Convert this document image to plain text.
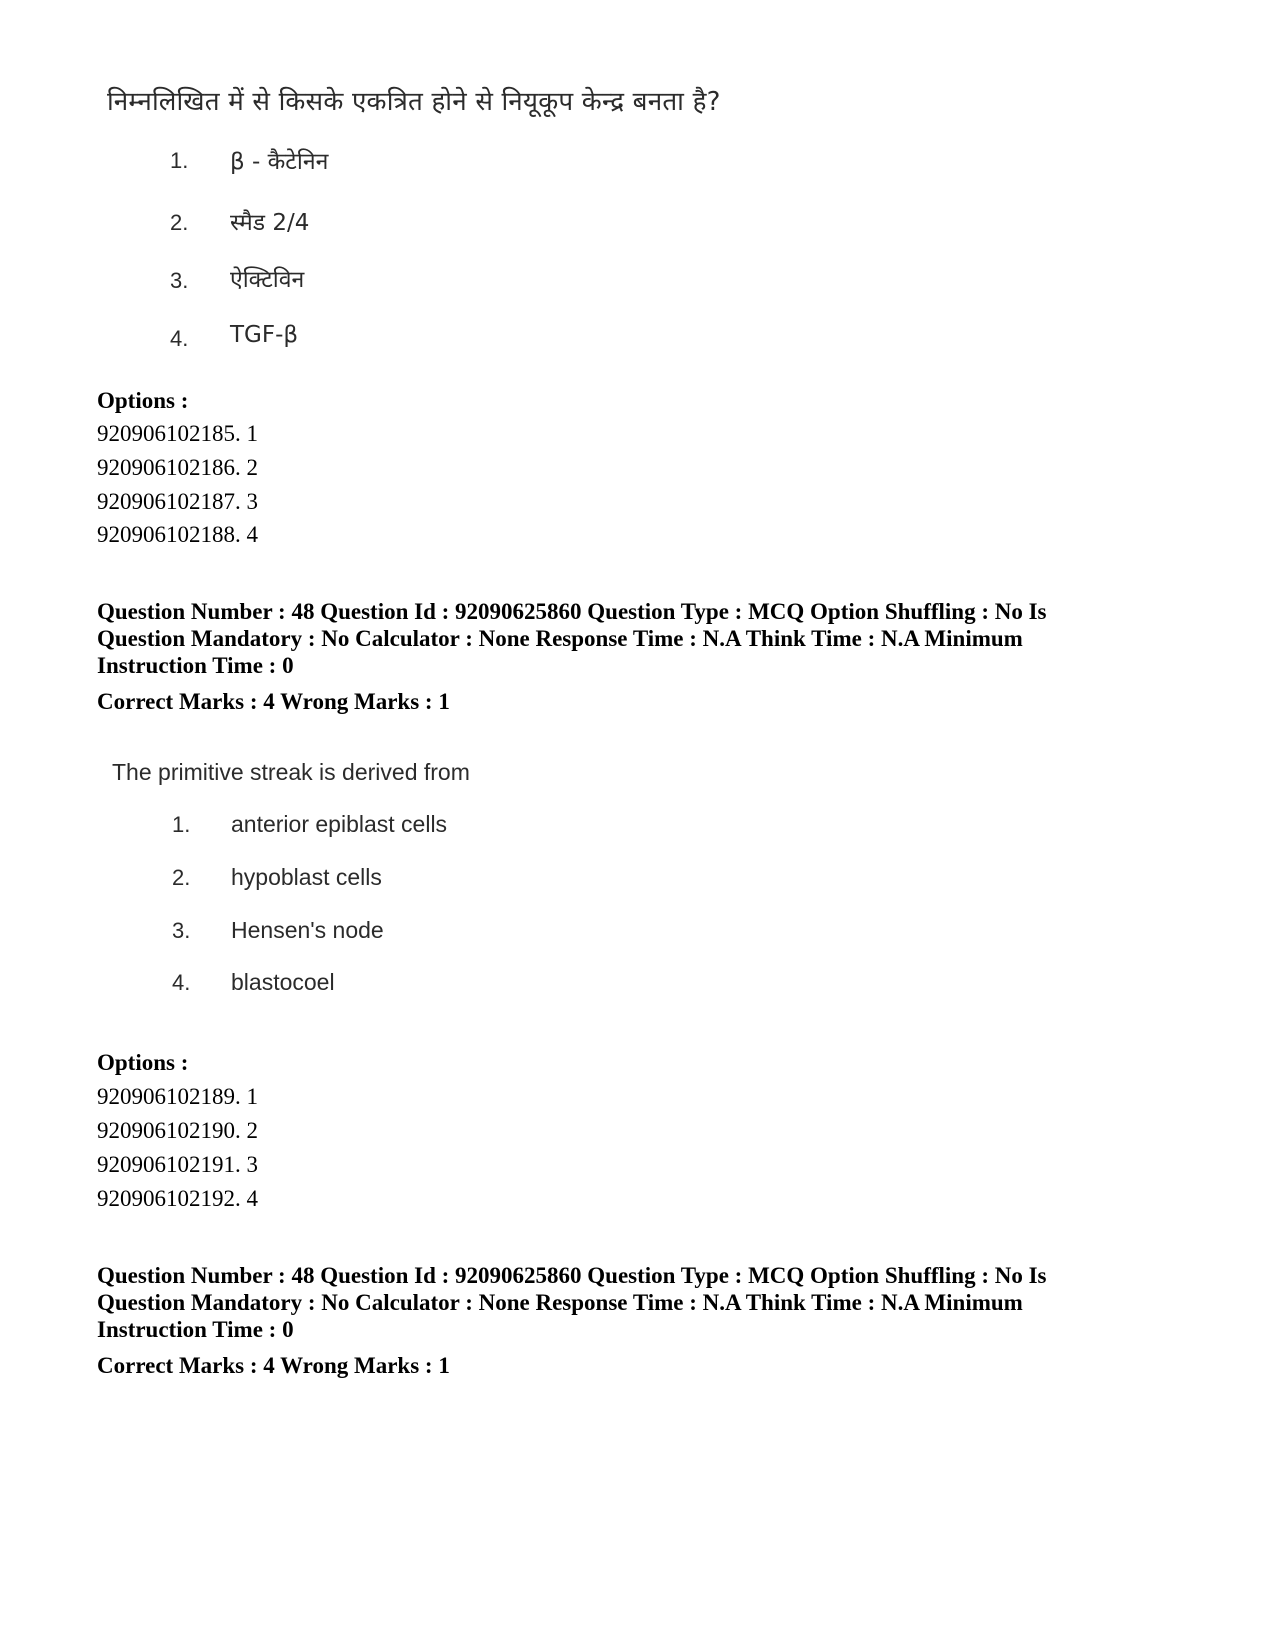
निम्नलिखित में से किसके एकत्रित होने से नियूकूप केन्द्र बनता है?
1. β - कैटेनिन
2. स्मैड 2/4
3. ऐक्टिविन
4. TGF-β
Options :
920906102185. 1
920906102186. 2
920906102187. 3
920906102188. 4
Question Number : 48 Question Id : 92090625860 Question Type : MCQ Option Shuffling : No Is
Question Mandatory : No Calculator : None Response Time : N.A Think Time : N.A Minimum
Instruction Time : 0
Correct Marks : 4 Wrong Marks : 1
The primitive streak is derived from
1. anterior epiblast cells
2. hypoblast cells
3. Hensen's node
4. blastocoel
Options :
920906102189. 1
920906102190. 2
920906102191. 3
920906102192. 4
Question Number : 48 Question Id : 92090625860 Question Type : MCQ Option Shuffling : No Is
Question Mandatory : No Calculator : None Response Time : N.A Think Time : N.A Minimum
Instruction Time : 0
Correct Marks : 4 Wrong Marks : 1
